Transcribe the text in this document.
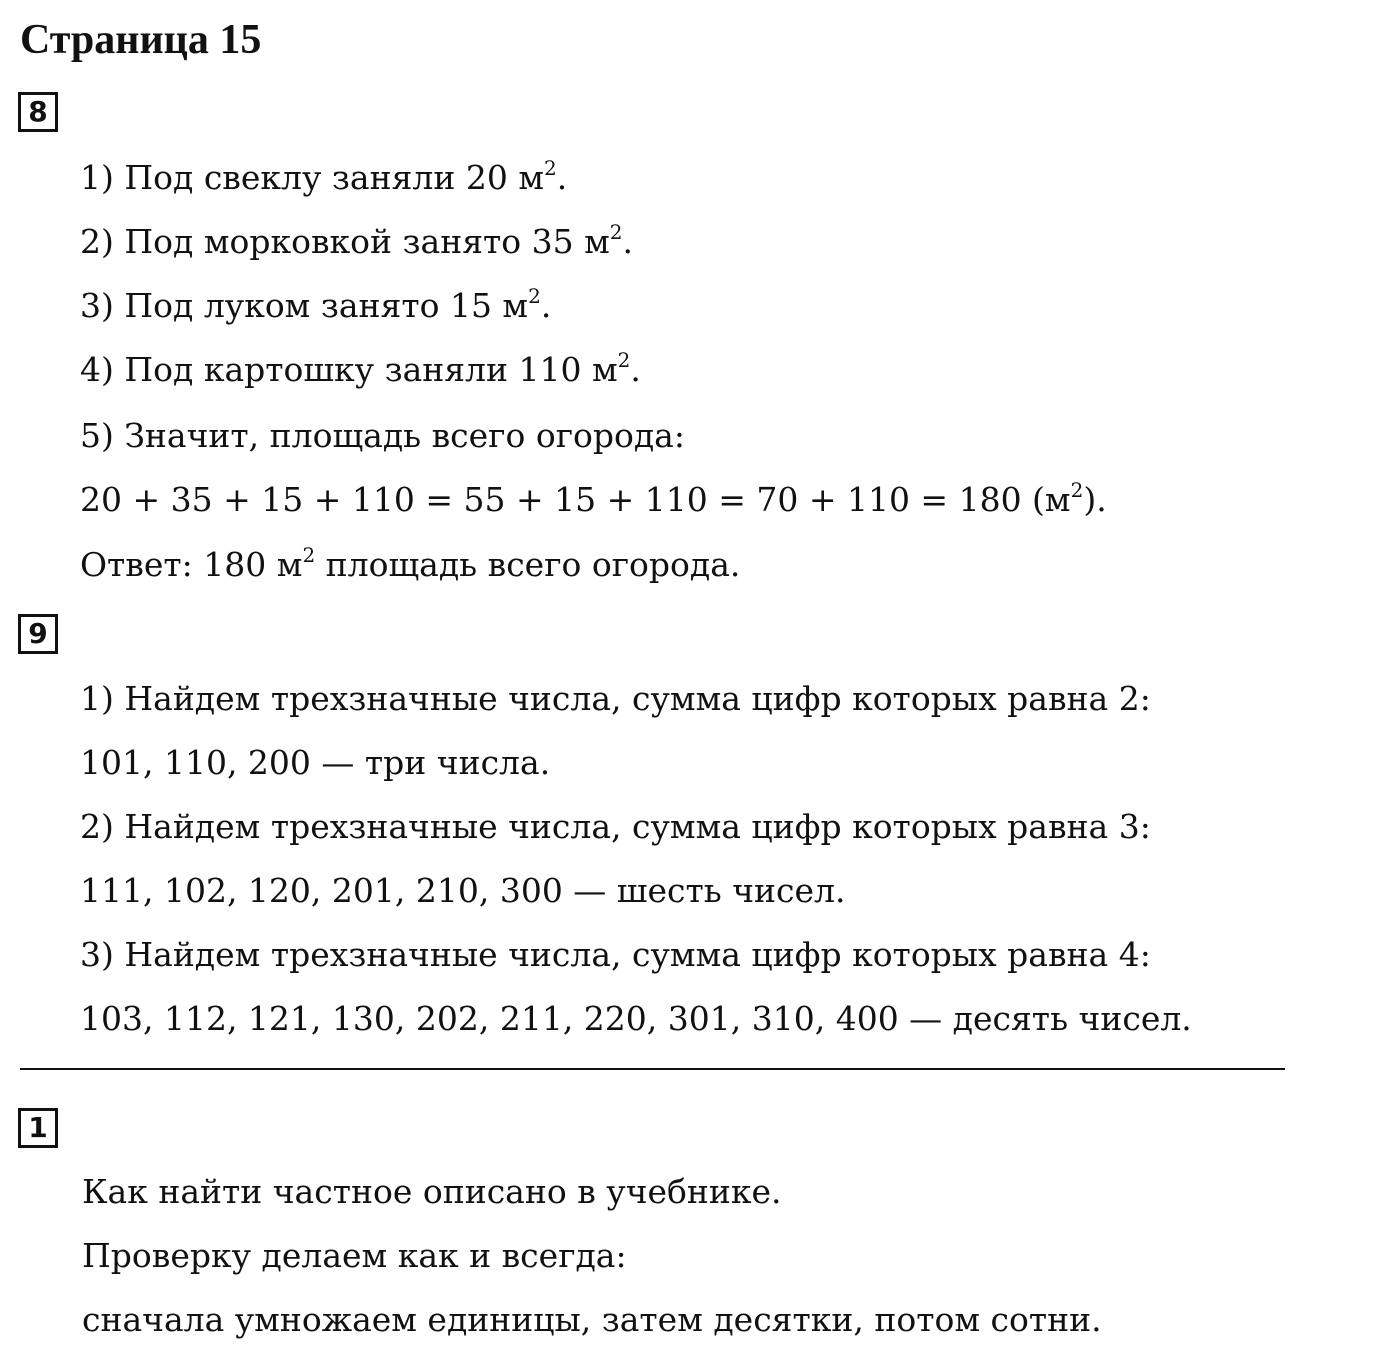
Страница 15
8

1) Под свеклу заняли 20 $м^2$.

2) Под морковкой занято 35 $м^2$.

3) Под луком занято 15 $м^2$.

4) Под картошку заняли 110 $м^2$.

5) Значит, площадь всего огорода:

20 + 35 + 15 + 110 = 55 + 15 + 110 = 70 + 110 = 180 $(м^2)$.

Ответ: 180 $м^2$ площадь всего огорода.

9

1) Найдем трехзначные числа, сумма цифр которых равна 2:

101, 110, 200 — три числа.

2) Найдем трехзначные числа, сумма цифр которых равна 3:

111, 102, 120, 201, 210, 300 — шесть чисел.

3) Найдем трехзначные числа, сумма цифр которых равна 4:

103, 112, 121, 130, 202, 211, 220, 301, 310, 400 — десять чисел.

1

Как найти частное описано в учебнике.

Проверку делаем как и всегда:

сначала умножаем единицы, затем десятки, потом сотни.
